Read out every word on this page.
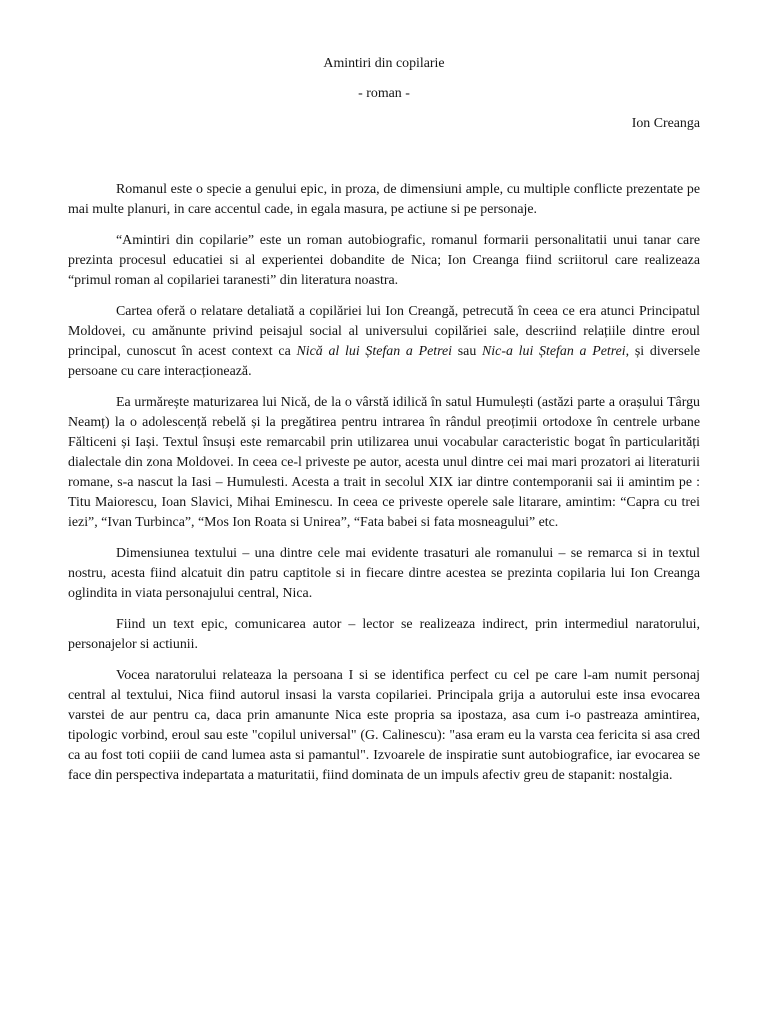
Amintiri din copilarie
- roman -
Ion Creanga

Romanul este o specie a genului epic, in proza, de dimensiuni ample, cu multiple conflicte prezentate pe mai multe planuri, in care accentul cade, in egala masura, pe actiune si pe personaje.

“Amintiri din copilarie” este un roman autobiografic, romanul formarii personalitatii unui tanar care prezinta procesul educatiei si al experientei dobandite de Nica; Ion Creanga fiind scriitorul care realizeaza “primul roman al copilariei taranesti” din literatura noastra.

Cartea oferă o relatare detaliată a copilăriei lui Ion Creangă, petrecută în ceea ce era atunci Principatul Moldovei, cu amănunte privind peisajul social al universului copilăriei sale, descriind relațiile dintre eroul principal, cunoscut în acest context ca Nică al lui Ștefan a Petrei sau Nic-a lui Ștefan a Petrei, și diversele persoane cu care interacționează.

Ea urmărește maturizarea lui Nică, de la o vârstă idilică în satul Humulești (astăzi parte a orașului Târgu Neamț) la o adolescență rebelă și la pregătirea pentru intrarea în rândul preoțimii ortodoxe în centrele urbane Fălticeni și Iași. Textul însuși este remarcabil prin utilizarea unui vocabular caracteristic bogat în particularități dialectale din zona Moldovei. In ceea ce-l priveste pe autor, acesta unul dintre cei mai mari prozatori ai literaturii romane, s-a nascut la Iasi – Humulesti. Acesta a trait in secolul XIX iar dintre contemporanii sai ii amintim pe : Titu Maiorescu, Ioan Slavici, Mihai Eminescu. In ceea ce priveste operele sale litarare, amintim: “Capra cu trei iezi”, “Ivan Turbinca”, “Mos Ion Roata si Unirea”, “Fata babei si fata mosneagului” etc.

Dimensiunea textului – una dintre cele mai evidente trasaturi ale romanului – se remarca si in textul nostru, acesta fiind alcatuit din patru captitole si in fiecare dintre acestea se prezinta copilaria lui Ion Creanga oglindita in viata personajului central, Nica.

Fiind un text epic, comunicarea autor – lector se realizeaza indirect, prin intermediul naratorului, personajelor si actiunii.

Vocea naratorului relateaza la persoana I si se identifica perfect cu cel pe care l-am numit personaj central al textului, Nica fiind autorul insasi la varsta copilariei. Principala grija a autorului este insa evocarea varstei de aur pentru ca, daca prin amanunte Nica este propria sa ipostaza, asa cum i-o pastreaza amintirea, tipologic vorbind, eroul sau este "copilul universal" (G. Calinescu): "asa eram eu la varsta cea fericita si asa cred ca au fost toti copiii de cand lumea asta si pamantul". Izvoarele de inspiratie sunt autobiografice, iar evocarea se face din perspectiva indepartata a maturitatii, fiind dominata de un impuls afectiv greu de stapanit: nostalgia.
